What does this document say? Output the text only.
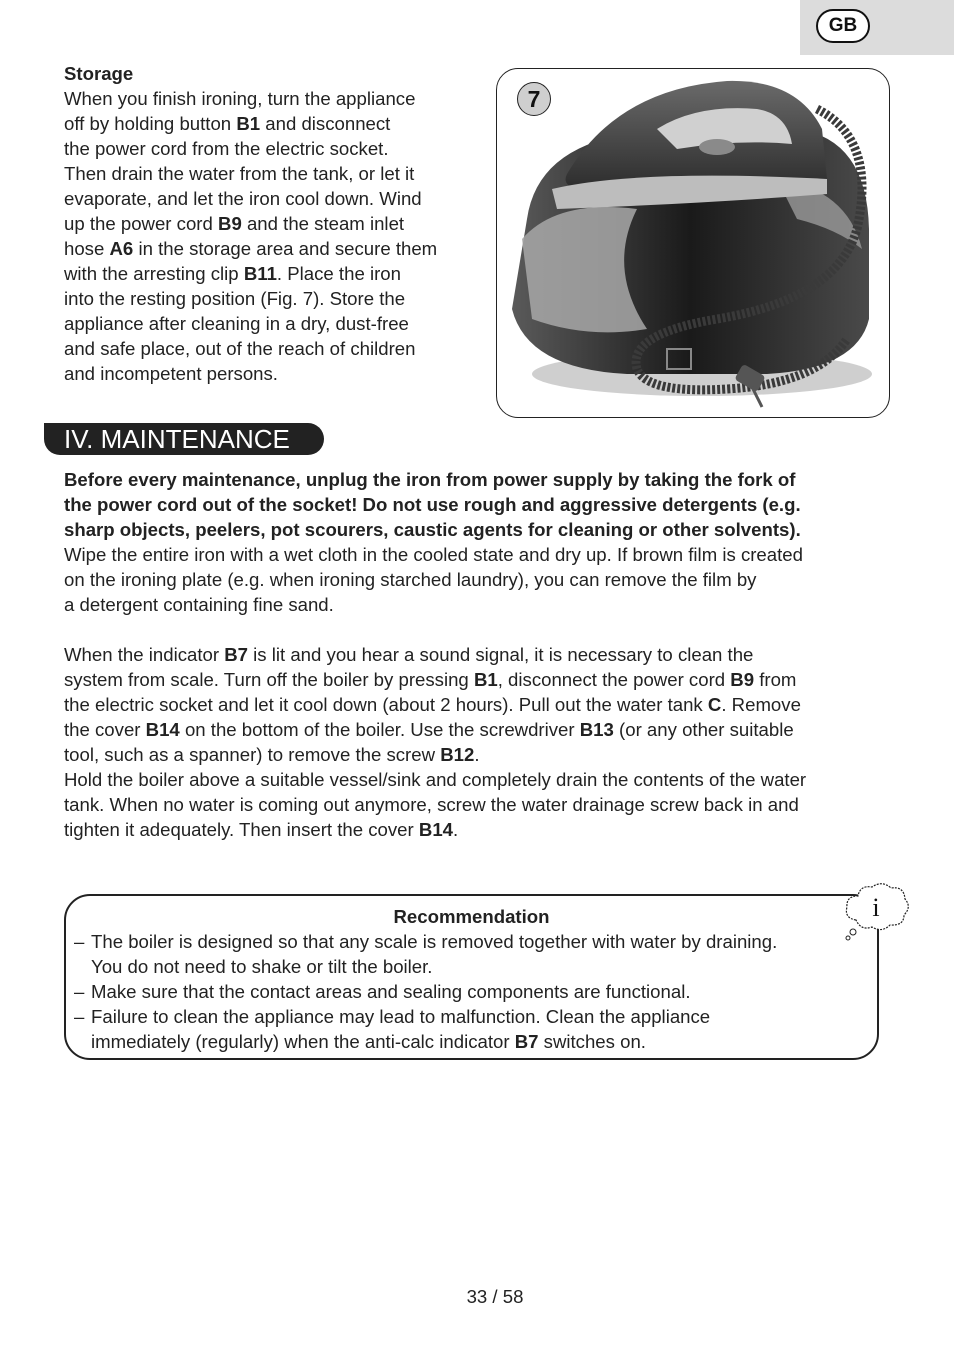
GB
Storage
When you finish ironing, turn the appliance
off by holding button B1 and disconnect
the power cord from the electric socket.
Then drain the water from the tank, or let it
evaporate, and let the iron cool down. Wind
up the power cord B9 and the steam inlet
hose A6 in the storage area and secure them
with the arresting clip B11. Place the iron
into the resting position (Fig. 7). Store the
appliance after cleaning in a dry, dust-free
and safe place, out of the reach of children
and incompetent persons.
7
IV. MAINTENANCE
Before every maintenance, unplug the iron from power supply by taking the fork of
the power cord out of the socket! Do not use rough and aggressive detergents (e.g.
sharp objects, peelers, pot scourers, caustic agents for cleaning or other solvents).
Wipe the entire iron with a wet cloth in the cooled state and dry up. If brown film is created
on the ironing plate (e.g. when ironing starched laundry), you can remove the film by
a detergent containing fine sand.
When the indicator B7 is lit and you hear a sound signal, it is necessary to clean the
system from scale. Turn off the boiler by pressing B1, disconnect the power cord B9 from
the electric socket and let it cool down (about 2 hours). Pull out the water tank C. Remove
the cover B14 on the bottom of the boiler. Use the screwdriver B13 (or any other suitable
tool, such as a spanner) to remove the screw B12.
Hold the boiler above a suitable vessel/sink and completely drain the contents of the water
tank. When no water is coming out anymore, screw the water drainage screw back in and
tighten it adequately. Then insert the cover B14.
Recommendation
– The boiler is designed so that any scale is removed together with water by draining.
You do not need to shake or tilt the boiler.
– Make sure that the contact areas and sealing components are functional.
– Failure to clean the appliance may lead to malfunction. Clean the appliance
immediately (regularly) when the anti-calc indicator B7 switches on.
i
33 / 58
